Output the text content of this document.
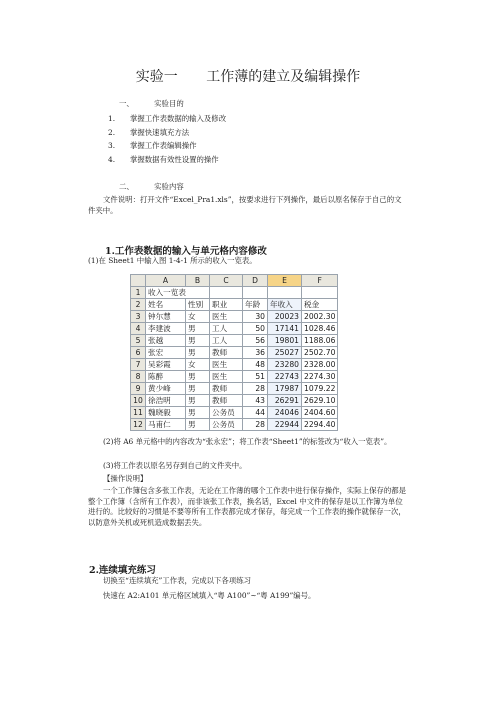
实验一 工作薄的建立及编辑操作
一、	实验目的
1. 掌握工作表数据的输入及修改
2. 掌握快速填充方法
3. 掌握工作表编辑操作
4. 掌握数据有效性设置的操作
二、	实验内容
文件说明：打开文件“Excel_Pra1.xls”，按要求进行下列操作，最后以原名保存于自己的文件夹中。
1.工作表数据的输入与单元格内容修改
(1)在 Sheet1 中输入图 1-4-1 所示的收入一览表。
	A	B	C	D	E	F
1	收入一览表					
2	姓名	性别	职业	年龄	年收入	税金
3	钟尔慧	女	医生	30	20023	2002.30
4	李建波	男	工人	50	17141	1028.46
5	张越	男	工人	56	19801	1188.06
6	张宏	男	教师	36	25027	2502.70
7	吴彩霞	女	医生	48	23280	2328.00
8	陈醉	男	医生	51	22743	2274.30
9	黄少峰	男	教师	28	17987	1079.22
10	徐浩明	男	教师	43	26291	2629.10
11	魏晓毅	男	公务员	44	24046	2404.60
12	马甫仁	男	公务员	28	22944	2294.40
(2)将 A6 单元格中的内容改为“张永宏”；将工作表“Sheet1”的标签改为“收入一览表”。
(3)将工作表以原名另存到自己的文件夹中。
【操作说明】
一个工作簿包含多张工作表，无论在工作薄的哪个工作表中进行保存操作，实际上保存的都是整个工作簿（含所有工作表），而非该张工作表，换名话，Excel 中文件的保存是以工作簿为单位进行的。比较好的习惯是不要等所有工作表都完成才保存，每完成一个工作表的操作就保存一次，以防意外关机或死机造成数据丢失。
2.连续填充练习
切换至“连续填充”工作表，完成以下各项练习
快速在 A2:A101 单元格区域填入“粤 A100”~“粤 A199”编号。
